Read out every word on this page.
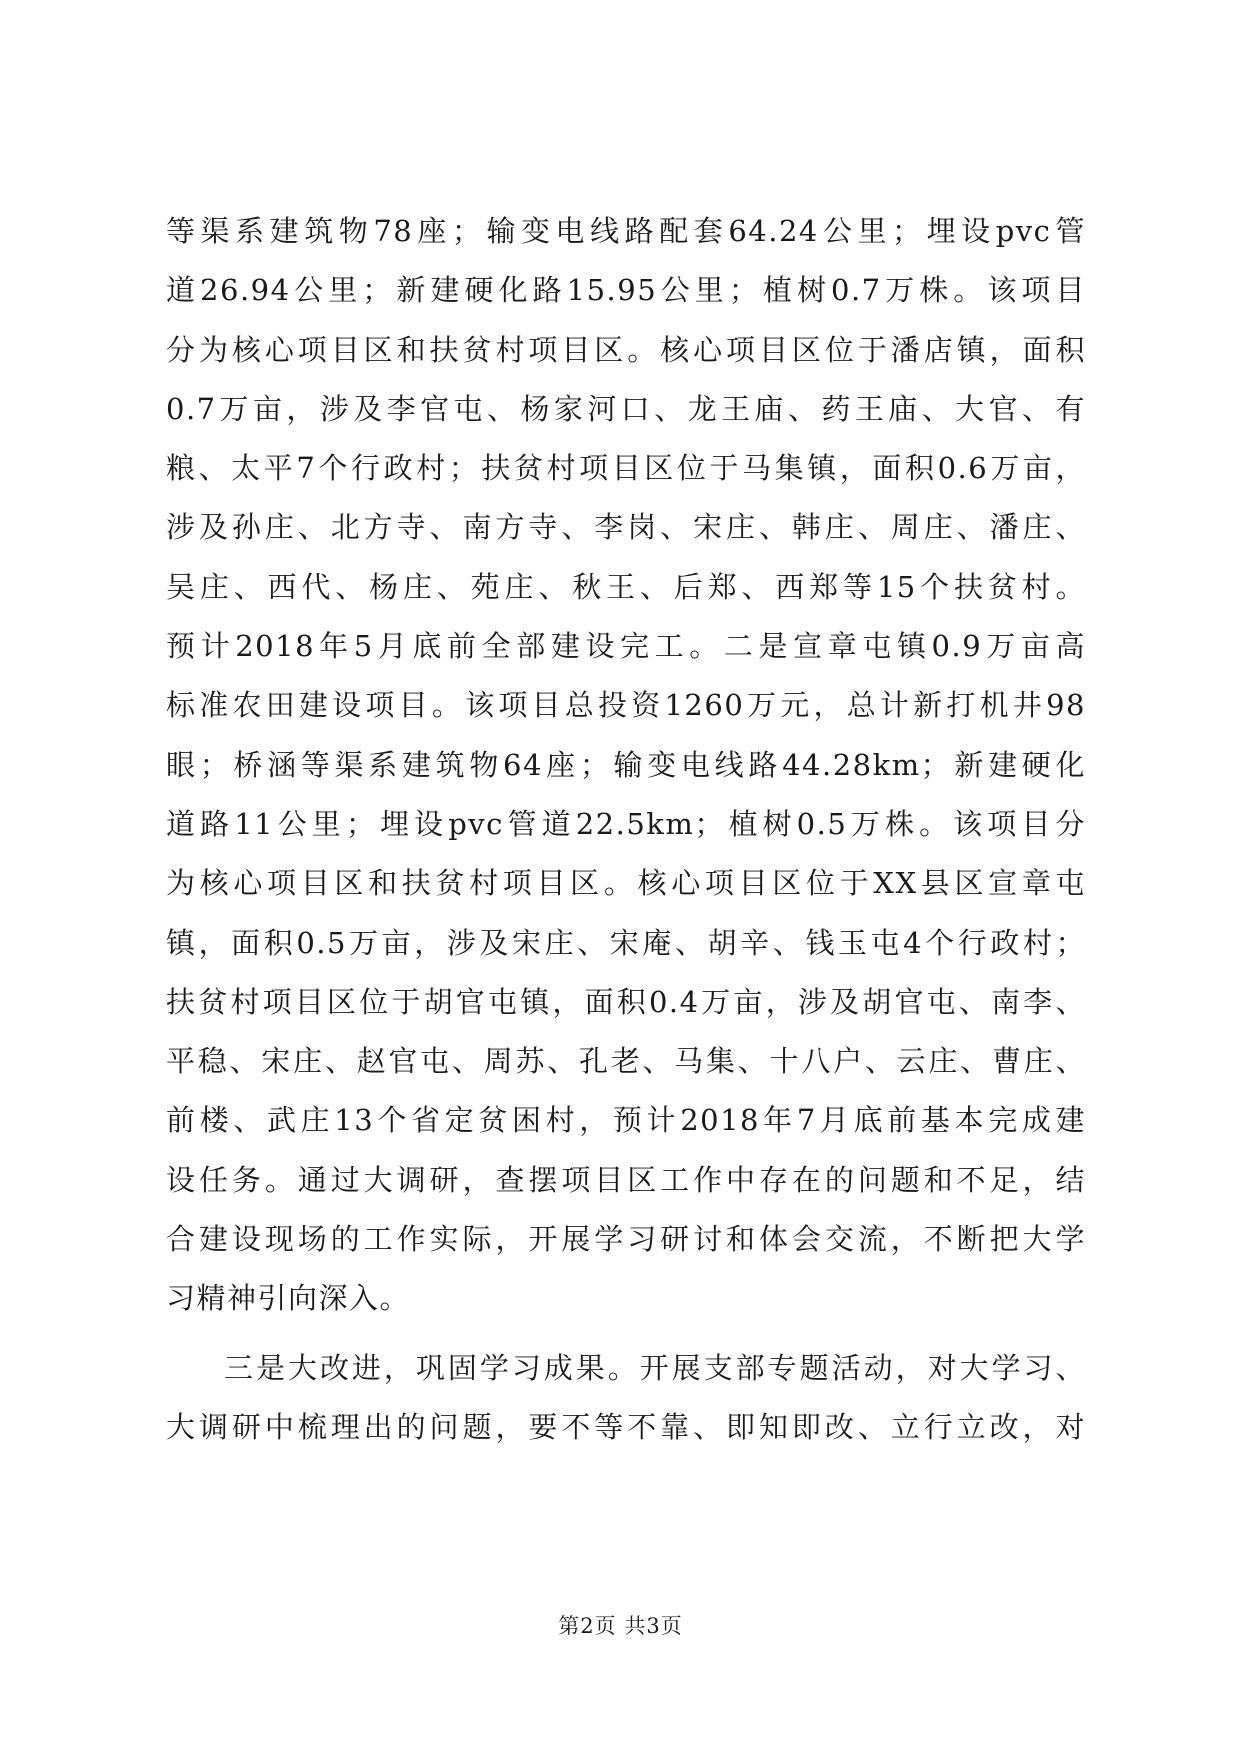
等渠系建筑物78座；输变电线路配套64.24公里；埋设pvc管
道26.94公里；新建硬化路15.95公里；植树0.7万株。该项目
分为核心项目区和扶贫村项目区。核心项目区位于潘店镇，面积
0.7万亩，涉及李官屯、杨家河口、龙王庙、药王庙、大官、有
粮、太平7个行政村；扶贫村项目区位于马集镇，面积0.6万亩，
涉及孙庄、北方寺、南方寺、李岗、宋庄、韩庄、周庄、潘庄、
吴庄、西代、杨庄、苑庄、秋王、后郑、西郑等15个扶贫村。
预计2018年5月底前全部建设完工。二是宣章屯镇0.9万亩高
标准农田建设项目。该项目总投资1260万元，总计新打机井98
眼；桥涵等渠系建筑物64座；输变电线路44.28km；新建硬化
道路11公里；埋设pvc管道22.5km；植树0.5万株。该项目分
为核心项目区和扶贫村项目区。核心项目区位于XX县区宣章屯
镇，面积0.5万亩，涉及宋庄、宋庵、胡辛、钱玉屯4个行政村；
扶贫村项目区位于胡官屯镇，面积0.4万亩，涉及胡官屯、南李、
平稳、宋庄、赵官屯、周苏、孔老、马集、十八户、云庄、曹庄、
前楼、武庄13个省定贫困村，预计2018年7月底前基本完成建
设任务。通过大调研，查摆项目区工作中存在的问题和不足，结
合建设现场的工作实际，开展学习研讨和体会交流，不断把大学
习精神引向深入。
三是大改进，巩固学习成果。开展支部专题活动，对大学习、
大调研中梳理出的问题，要不等不靠、即知即改、立行立改，对
第2页 共3页
